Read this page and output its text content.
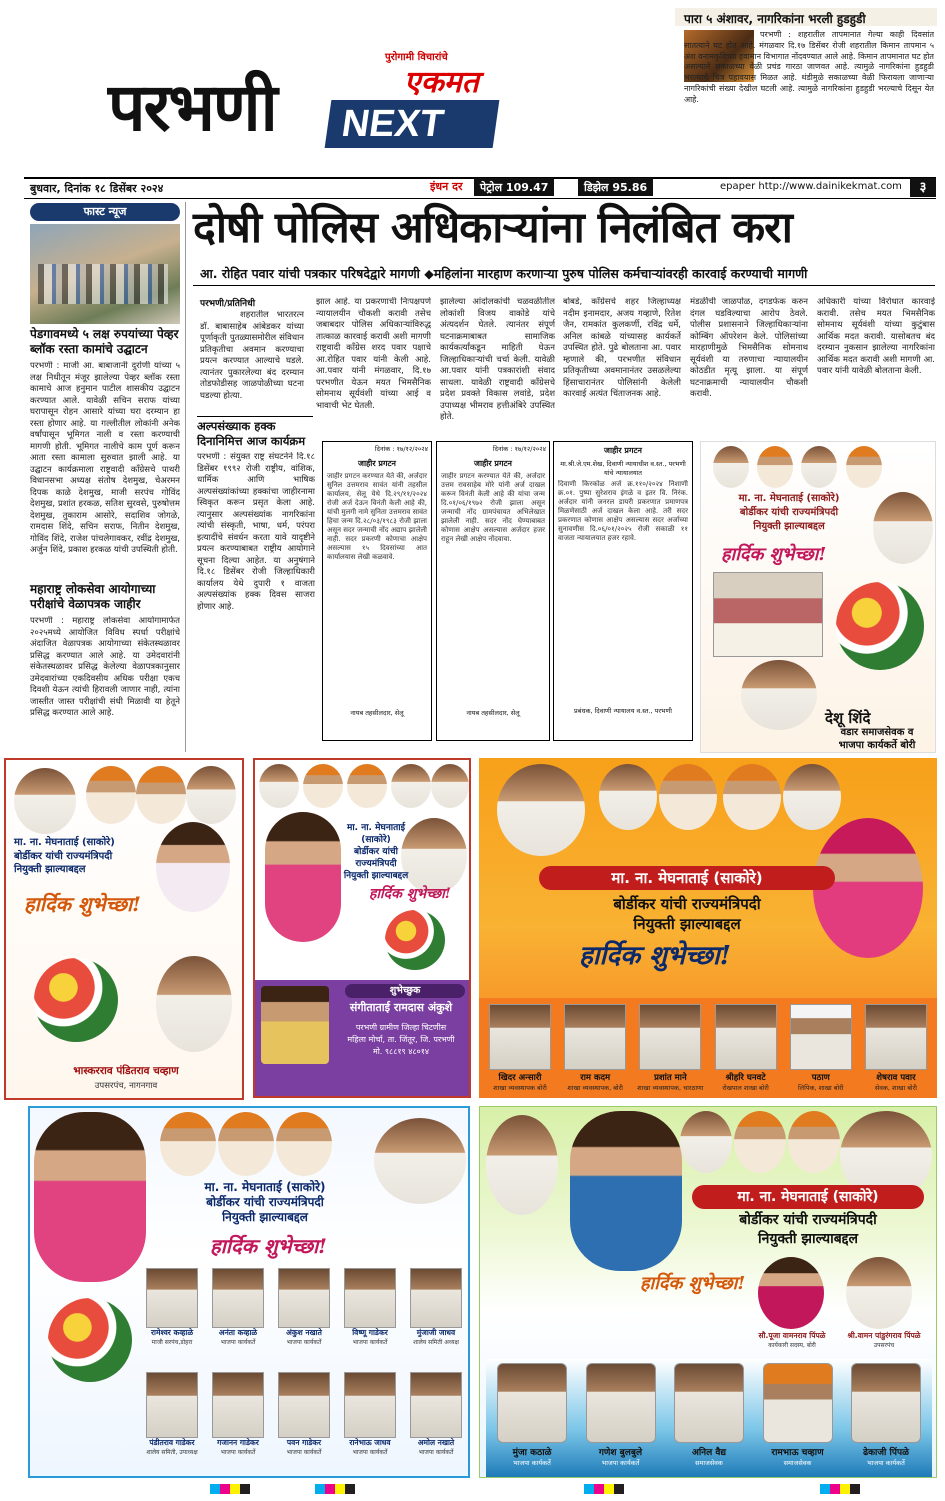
पुरोगामी विचारांचे
एकमत
परभणी	NEXT
पारा ५ अंशावर, नागरिकांना भरली हुडहुडी
परभणी : शहरातील तापमानात गेल्या काही दिवसांत सातत्याने घट होत आहे. मंगळवार दि.१७ डिसेंबर रोजी शहरातील किमान तापमान ५ अंश वनामकृविच्या हवामान विभागात नोंदवण्यात आले आहे. किमान तापमानात घट होत असल्याने सकाळच्या वेळी प्रचंड गारठा जाणवत आहे. त्यामुळे नागरिकांना हुडहुडी भरल्याचे चित्र पहावयास मिळत आहे. थंडीमुळे सकाळच्या वेळी फिरायला जाणाऱ्या नागरिकांची संख्या देखील घटली आहे. त्यामुळे नागरिकांना हुडहुडी भरल्याचे दिसून येत आहे.
बुधवार, दिनांक १८ डिसेंबर २०२४	इंधन दर	पेट्रोल 109.47	डिझेल 95.86	epaper http://www.dainikekmat.com	३
फास्ट न्यूज
पेडगावमध्ये ५ लक्ष रुपयांच्या पेव्हर ब्लॉक रस्ता कामांचे उद्घाटन
परभणी : माजी आ. बाबाजानी दुर्राणी यांच्या ५ लक्ष निधीतून मंजूर झालेल्या पेव्हर ब्लॉक रस्ता कामाचे आज हनुमान पाटील शासकीय उद्घाटन करण्यात आले. यावेळी सचिन सराफ यांच्या घरापासून रोहन आसारे यांच्या घरा दरम्यान हा रस्ता होणार आहे. या गल्लीतील लोकांनी अनेक वर्षांपासून भूमिगत नाली व रस्ता करण्याची मागणी होती. भूमिगत नालीचे काम पूर्ण करून आता रस्ता कामाला सुरुवात झाली आहे. या उद्घाटन कार्यक्रमाला राष्ट्रवादी काँग्रेसचे पाथरी विधानसभा अध्यक्ष संतोष देशमुख, चेअरमन दिपक काळे देशमुख, माजी सरपंच गोविंद देशमुख, प्रशांत हरकळ, सतिश सुरवसे, पुरुषोत्तम देशमुख, तुकाराम आसोरे, सदाशिव जोगळे, रामदास शिंदे, सचिन सराफ, नितीन देशमुख, गोविंद शिंदे, राजेश पांचलेगावकर, रवींद्र देशमुख, अर्जुन शिंदे, प्रकाश हरकळ यांची उपस्थिती होती.
महाराष्ट्र लोकसेवा आयोगाच्या परीक्षांचे वेळापत्रक जाहीर
परभणी : महाराष्ट्र लोकसेवा आयोगामार्फत २०२५मध्ये आयोजित विविध स्पर्धा परीक्षांचे अंदाजित वेळापत्रक आयोगाच्या संकेतस्थळावर प्रसिद्ध करण्यात आले आहे. या उमेदवारांनी संकेतस्थळावर प्रसिद्ध केलेल्या वेळापत्रकानुसार उमेदवारांच्या एकदिवसीय अधिक परीक्षा एकच दिवशी येऊन त्यांची हिरावली जाणार नाही, त्यांना जास्तीत जास्त परीक्षांची संधी मिळावी या हेतूने प्रसिद्ध करण्यात आले आहे.
दोषी पोलिस अधिकाऱ्यांना निलंबित करा
आ. रोहित पवार यांची पत्रकार परिषदेद्वारे मागणी ◆महिलांना मारहाण करणाऱ्या पुरुष पोलिस कर्मचाऱ्यांवरही कारवाई करण्याची मागणी
परभणी/प्रतिनिधी
शहरातील भारतरत्न डॉ. बाबासाहेब आंबेडकर यांच्या पूर्णाकृती पुतळ्यासमोरील संविधान प्रतिकृतीचा अवमान करण्याचा प्रयत्न करण्यात आल्याचे घडले. त्यानंतर पुकारलेल्या बंद दरम्यान तोडफोडीसह जाळपोळीच्या घटना घडल्या होत्या.
झाल आहे. या प्रकरणाची निःपक्षपणे न्यायालयीन चौकशी करावी तसेच जबाबदार पोलिस अधिकाऱ्यांविरुद्ध तात्काळ कारवाई करावी अशी मागणी राष्ट्रवादी काँग्रेस शरद पवार पक्षाचे आ.रोहित पवार यांनी केली आहे. आ.पवार यांनी मंगळवार, दि.१७ परभणीत येऊन मयत भिमसैनिक सोमनाथ सूर्यवंशी यांच्या आई व भावाची भेट घेतली.
झालेल्या आंदोलकांची चळवळीतील लोकांशी विजय वाकोडे यांचे अंत्यदर्शन घेतले. त्यानंतर संपूर्ण घटनाक्रमाबाबत सामाजिक कार्यकर्त्यांकडून माहिती घेऊन जिल्हाधिकाऱ्यांची चर्चा केली. यावेळी आ.पवार यांनी पत्रकारांशी संवाद साधला. यावेळी राष्ट्रवादी काँग्रेसचे प्रदेश प्रवक्ते विकास लवांडे, प्रदेश उपाध्यक्ष भीमराव हत्तीअंबिरे उपस्थित होते.
बोबडे, काँग्रेसचे शहर जिल्हाध्यक्ष नदीम इनामदार, अजय गव्हाणे, रितेश जैन, रामकांत कुलकर्णी, रविंद्र धर्मे, अनिल कांबळे यांच्यासह कार्यकर्ते उपस्थित होते. पुढे बोलताना आ. पवार म्हणाले की, परभणीत संविधान प्रतिकृतीच्या अवमानानंतर उसळलेल्या हिंसाचारानंतर पोलिसांनी केलेली कारवाई अत्यंत चिंताजनक आहे.
मंडळींची जाळपोळ, दगडफेक करुन दंगल घडविल्याचा आरोप ठेवले. पोलीस प्रशासनाने जिल्हाधिकाऱ्यांना कोम्बिंग ऑपरेशन केले. पोलिसांच्या मारहाणीमुळे भिमसैनिक सोमनाथ सूर्यवंशी या तरुणाचा न्यायालयीन कोठडीत मृत्यू झाला. या संपूर्ण घटनाक्रमाची न्यायालयीन चौकशी करावी.
अधिकारी यांच्या विरोधात कारवाई करावी. तसेच मयत भिमसैनिक सोमनाथ सूर्यवंशी यांच्या कुटुंबास आर्थिक मदत करावी. यासोबतच बंद दरम्यान नुकसान झालेल्या नागरिकांना आर्थिक मदत करावी अशी मागणी आ. पवार यांनी यावेळी बोलताना केली.
अल्पसंख्याक हक्क दिनानिमित्त आज कार्यक्रम
परभणी : संयुक्त राष्ट्र संघटनेने दि.१८ डिसेंबर १९९२ रोजी राष्ट्रीय, वांशिक, धार्मिक आणि भाषिक अल्पसंख्यांकांच्या हक्कांचा जाहीरनामा स्विकृत करून प्रसृत केला आहे. त्यानुसार अल्पसंख्यांक नागरिकांना त्यांची संस्कृती, भाषा, धर्म, परंपरा इत्यादींचे संवर्धन करता यावे यादृष्टीने प्रयत्न करण्याबाबत राष्ट्रीय आयोगाने सूचना दिल्या आहेत. या अनुषंगाने दि.१८ डिसेंबर रोजी जिल्हाधिकारी कार्यालय येथे दुपारी १ वाजता अल्पसंख्यांक हक्क दिवस साजरा होणार आहे.
दिनांक : १७/१२/२०२४
जाहीर प्रगटन
जाहीर प्रगटन करण्यात येते की, अर्जदार सुनिल उत्तमराव सावंत यांनी तहसील कार्यालय, सेलू येथे दि.२९/११/२०२४ रोजी अर्ज देऊन विनंती केली आहे की, यांची मुलगी नामे सुनिता उत्तमराव सावंत हिचा जन्म दि.२८/०३/१९८३ रोजी झाला असून सदर जन्माची नोंद अद्याप झालेली नाही. सदर प्रकरणी कोणाचा आक्षेप असल्यास १५ दिवसांच्या आत कार्यालयास लेखी कळवावे.
नायब तहसीलदार, सेलू
दिनांक : १७/१२/२०२४
जाहीर प्रगटन
जाहीर प्रगटन करण्यात येते की, अर्जदार उत्तम रावसाहेब मोरे यांनी अर्ज दाखल करून विनंती केली आहे की यांचा जन्म दि.०१/०६/१९७२ रोजी झाला असून जन्माची नोंद ग्रामपंचायत अभिलेखात झालेली नाही. सदर नोंद घेण्याबाबत कोणास आक्षेप असल्यास अर्जदार हजर राहून लेखी आक्षेप नोंदवावा.
नायब तहसीलदार, सेलू
जाहीर प्रगटन
मा.श्री.जे.एम.शेख, दिवाणी न्यायाधीश व.स्त., परभणी यांचे न्यायालयात
दिवाणी किरकोळ अर्ज क्र.११०/२०२४ निशाणी क्र.०१. पुष्पा सुरेशराव इंगळे व इतर वि. निरंक. अर्जदार यांनी जनरल डायरी प्रकरणात प्रमाणपत्र मिळणेसाठी अर्ज दाखल केला आहे. तरी सदर प्रकरणात कोणास आक्षेप असल्यास सदर अर्जाच्या सुनावणीस दि.०६/०१/२०२५ रोजी सकाळी ११ वाजता न्यायालयात हजर रहावे.
प्रबंधक, दिवाणी न्यायालय व.स्त., परभणी
मा. ना. मेघनाताई (साकोरे)
बोर्डीकर यांची राज्यमंत्रिपदी
नियुक्ती झाल्याबद्दल
हार्दिक शुभेच्छा!
देशू शिंदे
वडार समाजसेवक व
भाजपा कार्यकर्ते बोरी
मा. ना. मेघनाताई (साकोरे)
बोर्डीकर यांची राज्यमंत्रिपदी
नियुक्ती झाल्याबद्दल
हार्दिक शुभेच्छा!
भास्करराव पंडितराव चव्हाण
उपसरपंच, नागनगाव
मा. ना. मेघनाताई (साकोरे)
बोर्डीकर यांची राज्यमंत्रिपदी
नियुक्ती झाल्याबद्दल
हार्दिक शुभेच्छा!
शुभेच्छुक
संगीताताई रामदास अंकुशे
परभणी ग्रामीण जिल्हा चिटणीस
महिला मोर्चा, ता. जिंतूर, जि. परभणी
मो. ९८८१९ ४८०१४
मा. ना. मेघनाताई (साकोरे)
बोर्डीकर यांची राज्यमंत्रिपदी
नियुक्ती झाल्याबद्दल
हार्दिक शुभेच्छा!
खिदर अन्सारी
शाखा व्यवस्थापक बोरी
राम कदम
शाखा व्यवस्थापक, बोरी
प्रशांत माने
शाखा व्यवस्थापक, चारठाणा
श्रीहरि घनवटे
रोखपाल शाखा बोरी
पठाण
लिपिक, शाखा बोरी
शेषराव पवार
सेवक, शाखा बोरी
मा. ना. मेघनाताई (साकोरे)
बोर्डीकर यांची राज्यमंत्रिपदी
नियुक्ती झाल्याबद्दल
हार्दिक शुभेच्छा!
रामेश्वर कव्हाळे
माजी सरपंच,डोहरा
अनंता कव्हाळे
भाजपा कार्यकर्ते
अंकुश नखाते
भाजपा कार्यकर्ते
विष्णू गाडेकर
भाजपा कार्यकर्ते
मुंजाजी जाधव
शालेय समिती अध्यक्ष
पंडीतराव गाडेकर
शालेय समिती, उपाध्यक्ष
गजानन गाडेकर
भाजपा कार्यकर्ते
पवन गाडेकर
भाजपा कार्यकर्ते
रानेभाऊ जाधव
भाजपा कार्यकर्ते
अमोल नखाते
भाजपा कार्यकर्ते
मा. ना. मेघनाताई (साकोरे)
बोर्डीकर यांची राज्यमंत्रिपदी
नियुक्ती झाल्याबद्दल
हार्दिक शुभेच्छा!
सौ.पूजा वामनराव पिंपळे
कार्यकारी सदस्य, बोरी
श्री.वामन पांडुरंगराव पिंपळे
उपसरपंच
मुंजा कठाळे
भाजपा कार्यकर्ते
गणेश बुलबुले
भाजपा कार्यकर्ते
अनिल वैद्य
समाजसेवक
रामभाऊ चव्हाण
समाजसेवक
ढेकाजी पिंपळे
भाजपा कार्यकर्ते
